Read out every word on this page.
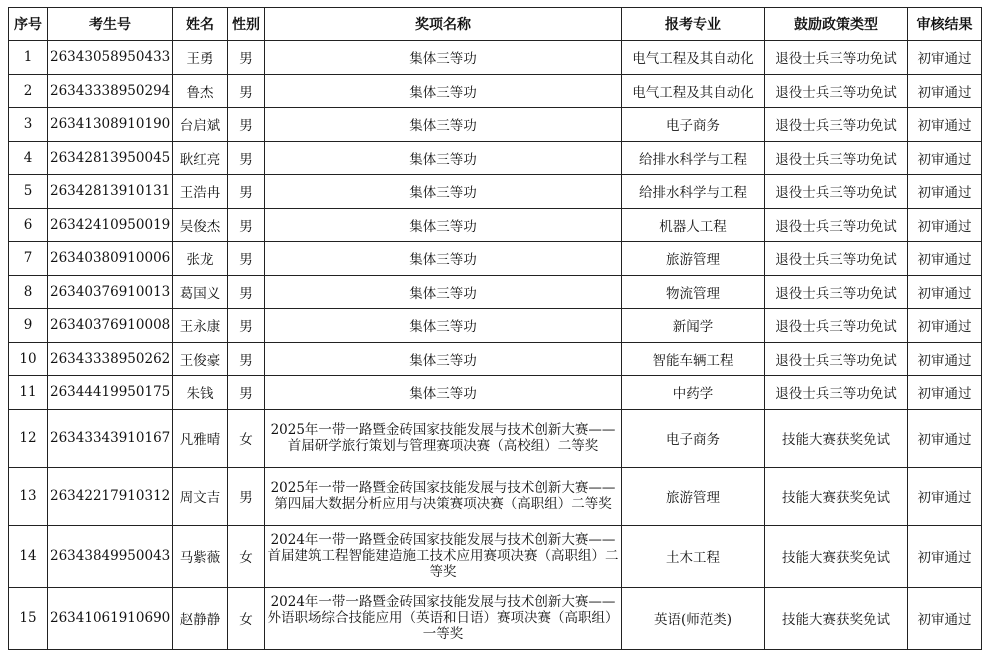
序号	考生号	姓名	性别	奖项名称	报考专业	鼓励政策类型	审核结果
1	26343058950433	王勇	男	集体三等功	电气工程及其自动化	退役士兵三等功免试	初审通过
2	26343338950294	鲁杰	男	集体三等功	电气工程及其自动化	退役士兵三等功免试	初审通过
3	26341308910190	台启斌	男	集体三等功	电子商务	退役士兵三等功免试	初审通过
4	26342813950045	耿红亮	男	集体三等功	给排水科学与工程	退役士兵三等功免试	初审通过
5	26342813910131	王浩冉	男	集体三等功	给排水科学与工程	退役士兵三等功免试	初审通过
6	26342410950019	吴俊杰	男	集体三等功	机器人工程	退役士兵三等功免试	初审通过
7	26340380910006	张龙	男	集体三等功	旅游管理	退役士兵三等功免试	初审通过
8	26340376910013	葛国义	男	集体三等功	物流管理	退役士兵三等功免试	初审通过
9	26340376910008	王永康	男	集体三等功	新闻学	退役士兵三等功免试	初审通过
10	26343338950262	王俊豪	男	集体三等功	智能车辆工程	退役士兵三等功免试	初审通过
11	26344419950175	朱钱	男	集体三等功	中药学	退役士兵三等功免试	初审通过
12	26343343910167	凡雅晴	女	2025年一带一路暨金砖国家技能发展与技术创新大赛——首届研学旅行策划与管理赛项决赛（高校组）二等奖	电子商务	技能大赛获奖免试	初审通过
13	26342217910312	周文吉	男	2025年一带一路暨金砖国家技能发展与技术创新大赛——第四届大数据分析应用与决策赛项决赛（高职组）二等奖	旅游管理	技能大赛获奖免试	初审通过
14	26343849950043	马紫薇	女	2024年一带一路暨金砖国家技能发展与技术创新大赛——首届建筑工程智能建造施工技术应用赛项决赛（高职组）二等奖	土木工程	技能大赛获奖免试	初审通过
15	26341061910690	赵静静	女	2024年一带一路暨金砖国家技能发展与技术创新大赛——外语职场综合技能应用（英语和日语）赛项决赛（高职组）一等奖	英语(师范类)	技能大赛获奖免试	初审通过
